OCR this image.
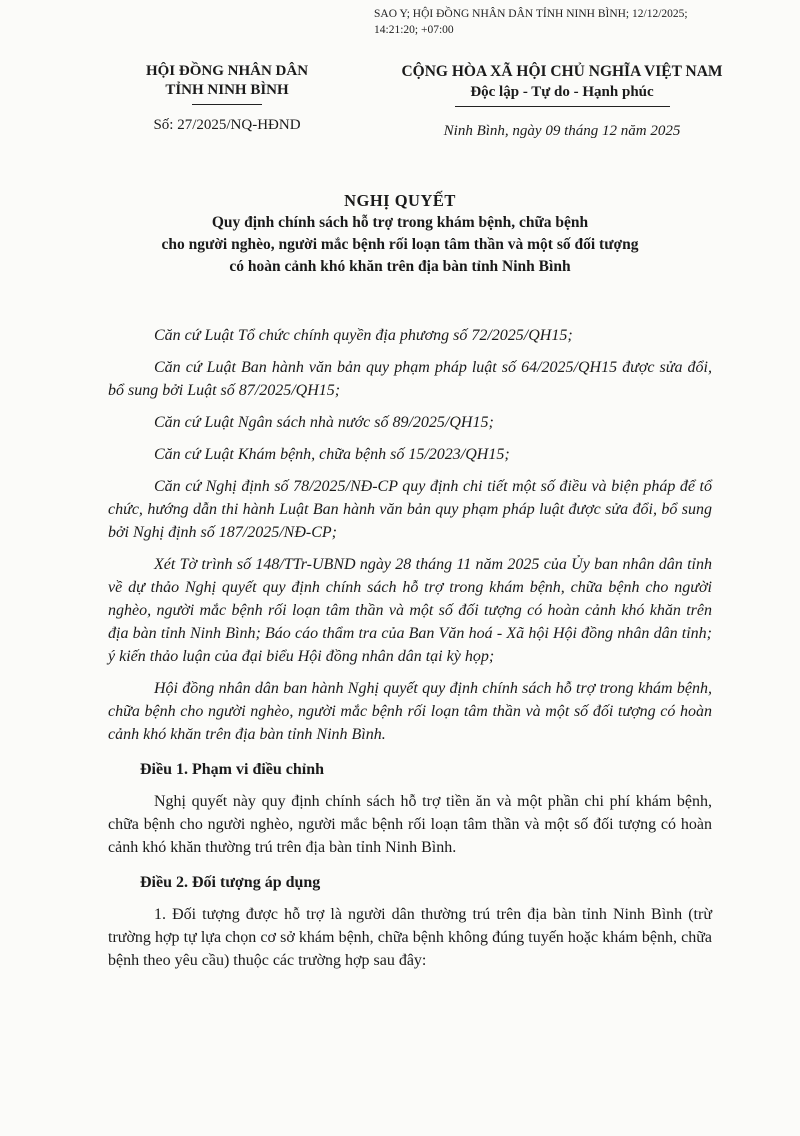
SAO Y; HỘI ĐỒNG NHÂN DÂN TỈNH NINH BÌNH; 12/12/2025;
14:21:20; +07:00
HỘI ĐỒNG NHÂN DÂN
TỈNH NINH BÌNH
Số: 27/2025/NQ-HĐND
CỘNG HÒA XÃ HỘI CHỦ NGHĨA VIỆT NAM
Độc lập - Tự do - Hạnh phúc
Ninh Bình, ngày 09 tháng 12 năm 2025
NGHỊ QUYẾT
Quy định chính sách hỗ trợ trong khám bệnh, chữa bệnh
cho người nghèo, người mắc bệnh rối loạn tâm thần và một số đối tượng
có hoàn cảnh khó khăn trên địa bàn tỉnh Ninh Bình

Căn cứ Luật Tổ chức chính quyền địa phương số 72/2025/QH15;

Căn cứ Luật Ban hành văn bản quy phạm pháp luật số 64/2025/QH15 được sửa đổi, bổ sung bởi Luật số 87/2025/QH15;

Căn cứ Luật Ngân sách nhà nước số 89/2025/QH15;

Căn cứ Luật Khám bệnh, chữa bệnh số 15/2023/QH15;

Căn cứ Nghị định số 78/2025/NĐ-CP quy định chi tiết một số điều và biện pháp để tổ chức, hướng dẫn thi hành Luật Ban hành văn bản quy phạm pháp luật được sửa đổi, bổ sung bởi Nghị định số 187/2025/NĐ-CP;

Xét Tờ trình số 148/TTr-UBND ngày 28 tháng 11 năm 2025 của Ủy ban nhân dân tỉnh về dự thảo Nghị quyết quy định chính sách hỗ trợ trong khám bệnh, chữa bệnh cho người nghèo, người mắc bệnh rối loạn tâm thần và một số đối tượng có hoàn cảnh khó khăn trên địa bàn tỉnh Ninh Bình; Báo cáo thẩm tra của Ban Văn hoá - Xã hội Hội đồng nhân dân tỉnh; ý kiến thảo luận của đại biểu Hội đồng nhân dân tại kỳ họp;

Hội đồng nhân dân ban hành Nghị quyết quy định chính sách hỗ trợ trong khám bệnh, chữa bệnh cho người nghèo, người mắc bệnh rối loạn tâm thần và một số đối tượng có hoàn cảnh khó khăn trên địa bàn tỉnh Ninh Bình.

Điều 1. Phạm vi điều chỉnh

Nghị quyết này quy định chính sách hỗ trợ tiền ăn và một phần chi phí khám bệnh, chữa bệnh cho người nghèo, người mắc bệnh rối loạn tâm thần và một số đối tượng có hoàn cảnh khó khăn thường trú trên địa bàn tỉnh Ninh Bình.

Điều 2. Đối tượng áp dụng

1. Đối tượng được hỗ trợ là người dân thường trú trên địa bàn tỉnh Ninh Bình (trừ trường hợp tự lựa chọn cơ sở khám bệnh, chữa bệnh không đúng tuyến hoặc khám bệnh, chữa bệnh theo yêu cầu) thuộc các trường hợp sau đây:
